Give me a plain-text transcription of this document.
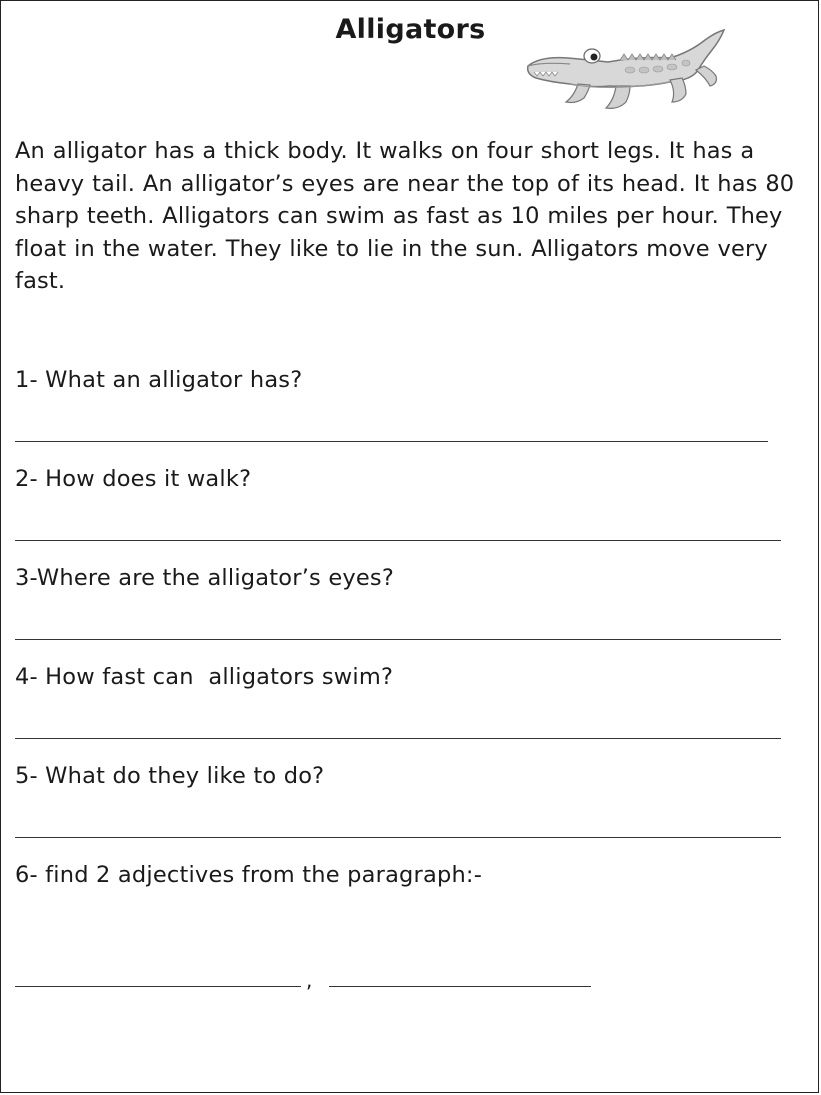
Alligators
An alligator has a thick body. It walks on four short legs. It has a heavy tail. An alligator’s eyes are near the top of its head. It has 80 sharp teeth. Alligators can swim as fast as 10 miles per hour. They float in the water. They like to lie in the sun. Alligators move very fast.
1- What an alligator has?
2- How does it walk?
3-Where are the alligator’s eyes?
4- How fast can  alligators swim?
5- What do they like to do?
6- find 2 adjectives from the paragraph:-
,
